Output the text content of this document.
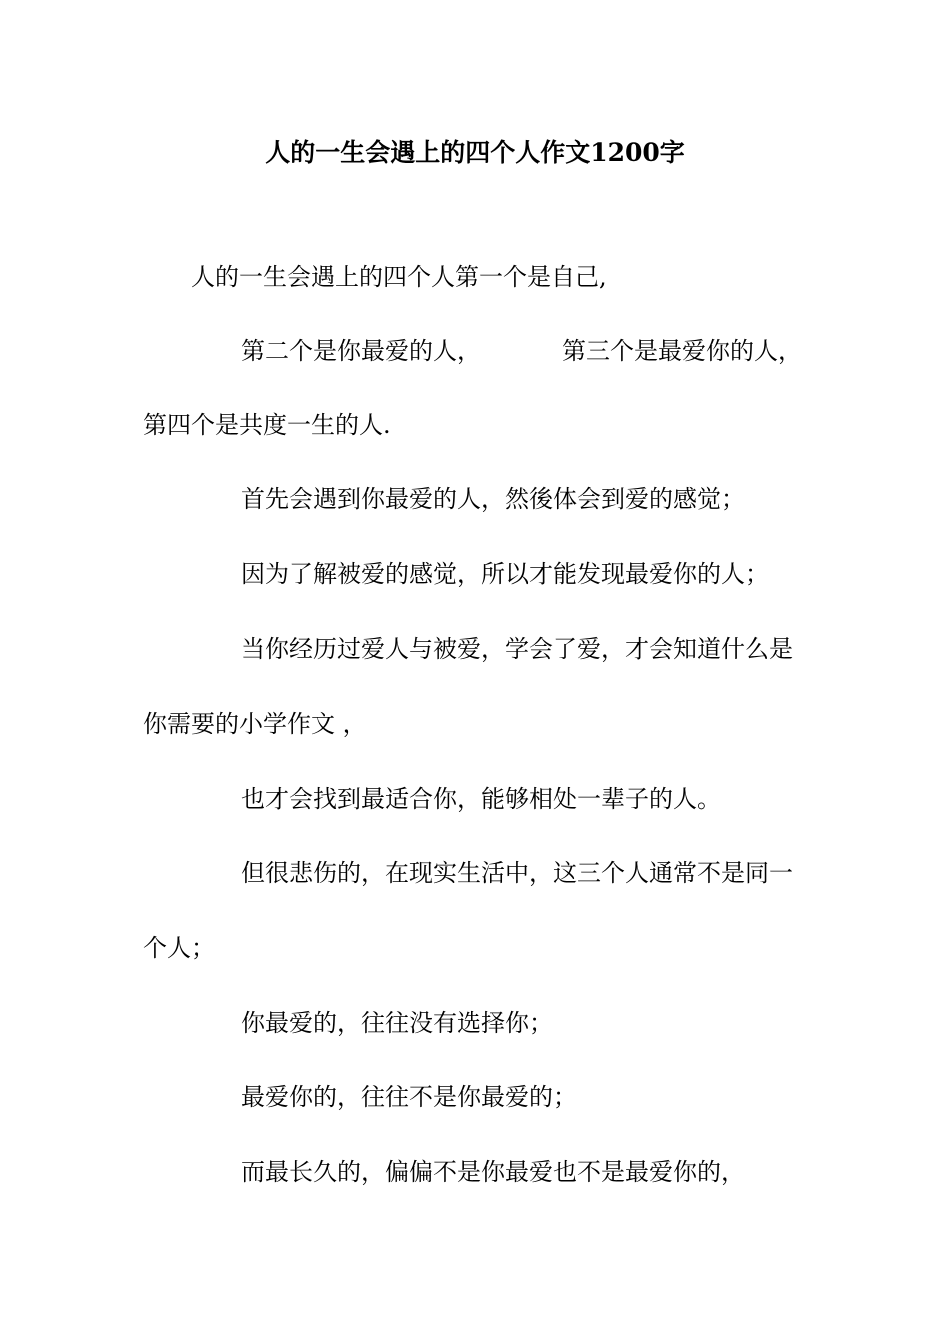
人的一生会遇上的四个人作文1200字
人的一生会遇上的四个人第一个是自己,
第二个是你最爱的人，	第三个是最爱你的人，
第四个是共度一生的人.
首先会遇到你最爱的人，然後体会到爱的感觉；
因为了解被爱的感觉，所以才能发现最爱你的人；
当你经历过爱人与被爱，学会了爱，才会知道什么是
你需要的小学作文 ，
也才会找到最适合你，能够相处一辈子的人。
但很悲伤的，在现实生活中，这三个人通常不是同一
个人；
你最爱的，往往没有选择你；
最爱你的，往往不是你最爱的；
而最长久的，偏偏不是你最爱也不是最爱你的，
